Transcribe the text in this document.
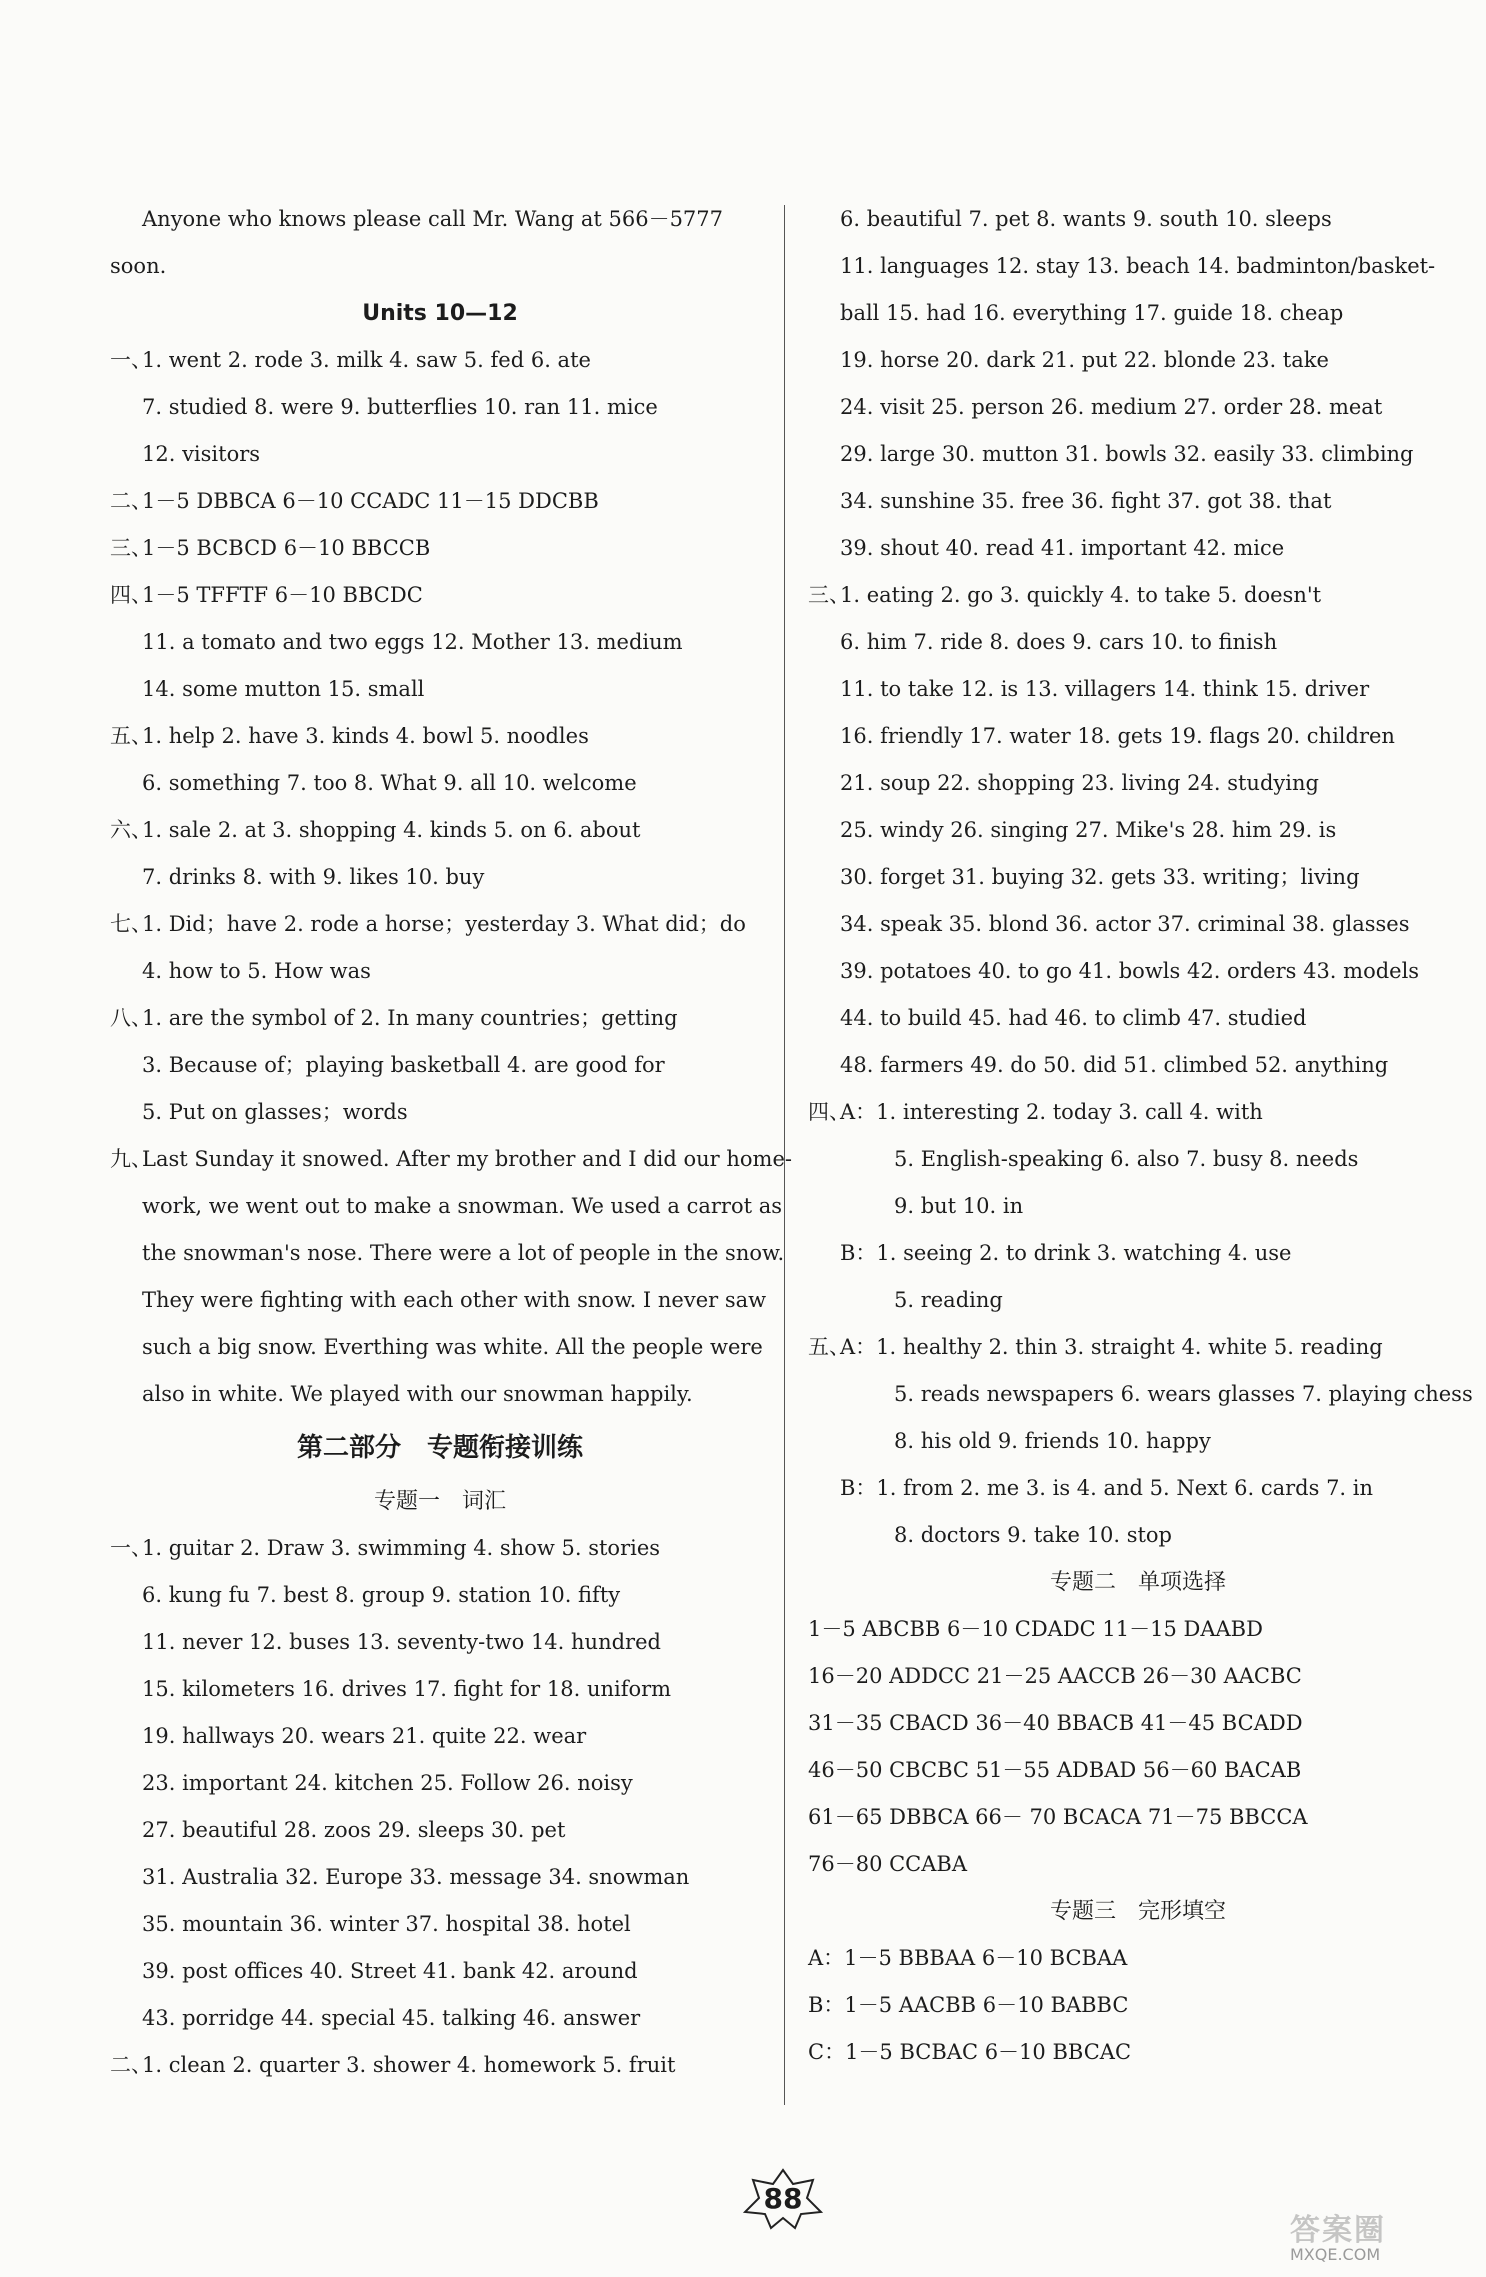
Anyone who knows please call Mr. Wang at 566－5777
soon.
Units 10—12
一、1. went 2. rode 3. milk 4. saw 5. fed 6. ate
7. studied 8. were 9. butterflies 10. ran 11. mice
12. visitors
二、1－5 DBBCA 6－10 CCADC 11－15 DDCBB
三、1－5 BCBCD 6－10 BBCCB
四、1－5 TFFTF 6－10 BBCDC
11. a tomato and two eggs 12. Mother 13. medium
14. some mutton 15. small
五、1. help 2. have 3. kinds 4. bowl 5. noodles
6. something 7. too 8. What 9. all 10. welcome
六、1. sale 2. at 3. shopping 4. kinds 5. on 6. about
7. drinks 8. with 9. likes 10. buy
七、1. Did；have 2. rode a horse；yesterday 3. What did；do
4. how to 5. How was
八、1. are the symbol of 2. In many countries；getting
3. Because of；playing basketball 4. are good for
5. Put on glasses；words
九、Last Sunday it snowed. After my brother and I did our home-
work, we went out to make a snowman. We used a carrot as
the snowman's nose. There were a lot of people in the snow.
They were fighting with each other with snow. I never saw
such a big snow. Everthing was white. All the people were
also in white. We played with our snowman happily.
第二部分　专题衔接训练
专题一　词汇
一、1. guitar 2. Draw 3. swimming 4. show 5. stories
6. kung fu 7. best 8. group 9. station 10. fifty
11. never 12. buses 13. seventy-two 14. hundred
15. kilometers 16. drives 17. fight for 18. uniform
19. hallways 20. wears 21. quite 22. wear
23. important 24. kitchen 25. Follow 26. noisy
27. beautiful 28. zoos 29. sleeps 30. pet
31. Australia 32. Europe 33. message 34. snowman
35. mountain 36. winter 37. hospital 38. hotel
39. post offices 40. Street 41. bank 42. around
43. porridge 44. special 45. talking 46. answer
二、1. clean 2. quarter 3. shower 4. homework 5. fruit
6. beautiful 7. pet 8. wants 9. south 10. sleeps
11. languages 12. stay 13. beach 14. badminton/basket-
ball 15. had 16. everything 17. guide 18. cheap
19. horse 20. dark 21. put 22. blonde 23. take
24. visit 25. person 26. medium 27. order 28. meat
29. large 30. mutton 31. bowls 32. easily 33. climbing
34. sunshine 35. free 36. fight 37. got 38. that
39. shout 40. read 41. important 42. mice
三、1. eating 2. go 3. quickly 4. to take 5. doesn't
6. him 7. ride 8. does 9. cars 10. to finish
11. to take 12. is 13. villagers 14. think 15. driver
16. friendly 17. water 18. gets 19. flags 20. children
21. soup 22. shopping 23. living 24. studying
25. windy 26. singing 27. Mike's 28. him 29. is
30. forget 31. buying 32. gets 33. writing；living
34. speak 35. blond 36. actor 37. criminal 38. glasses
39. potatoes 40. to go 41. bowls 42. orders 43. models
44. to build 45. had 46. to climb 47. studied
48. farmers 49. do 50. did 51. climbed 52. anything
四、A：1. interesting 2. today 3. call 4. with
5. English-speaking 6. also 7. busy 8. needs
9. but 10. in
B：1. seeing 2. to drink 3. watching 4. use
5. reading
五、A：1. healthy 2. thin 3. straight 4. white 5. reading
5. reads newspapers 6. wears glasses 7. playing chess
8. his old 9. friends 10. happy
B：1. from 2. me 3. is 4. and 5. Next 6. cards 7. in
8. doctors 9. take 10. stop
专题二　单项选择
1－5 ABCBB 6－10 CDADC 11－15 DAABD
16－20 ADDCC 21－25 AACCB 26－30 AACBC
31－35 CBACD 36－40 BBACB 41－45 BCADD
46－50 CBCBC 51－55 ADBAD 56－60 BACAB
61－65 DBBCA 66－ 70 BCACA 71－75 BBCCA
76－80 CCABA
专题三　完形填空
A：1－5 BBBAA 6－10 BCBAA
B：1－5 AACBB 6－10 BABBC
C：1－5 BCBAC 6－10 BBCAC
88
答案圈
MXQE.COM
